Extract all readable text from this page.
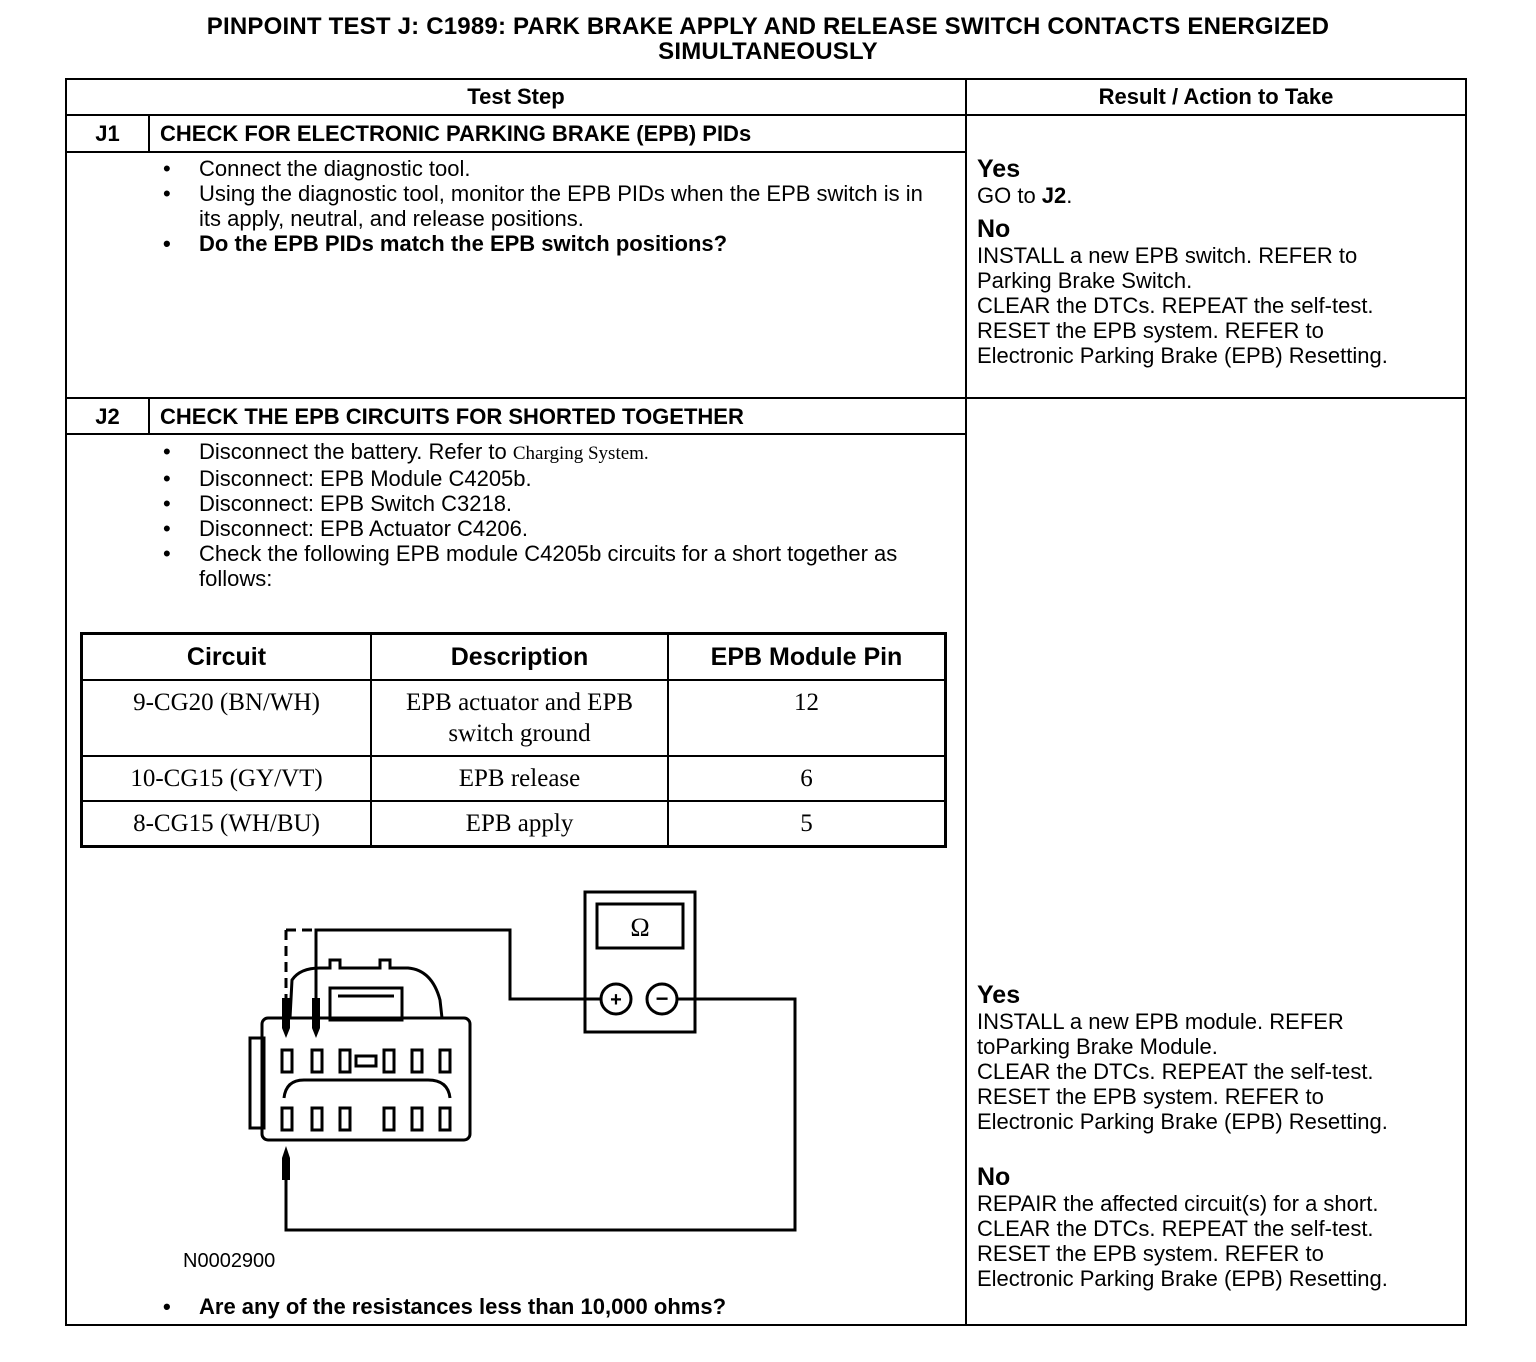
PINPOINT TEST J: C1989: PARK BRAKE APPLY AND RELEASE SWITCH CONTACTS ENERGIZED
SIMULTANEOUSLY
Test Step	Result / Action to Take
J1	CHECK FOR ELECTRONIC PARKING BRAKE (EPB) PIDs
• Connect the diagnostic tool.
• Using the diagnostic tool, monitor the EPB PIDs when the EPB switch is in its apply, neutral, and release positions.
• Do the EPB PIDs match the EPB switch positions?
Yes
GO to J2.
No
INSTALL a new EPB switch. REFER to
Parking Brake Switch.
CLEAR the DTCs. REPEAT the self-test.
RESET the EPB system. REFER to
Electronic Parking Brake (EPB) Resetting.
J2	CHECK THE EPB CIRCUITS FOR SHORTED TOGETHER
• Disconnect the battery. Refer to Charging System.
• Disconnect: EPB Module C4205b.
• Disconnect: EPB Switch C3218.
• Disconnect: EPB Actuator C4206.
• Check the following EPB module C4205b circuits for a short together as follows:
• Are any of the resistances less than 10,000 ohms?
Yes
INSTALL a new EPB module. REFER
toParking Brake Module.
CLEAR the DTCs. REPEAT the self-test.
RESET the EPB system. REFER to
Electronic Parking Brake (EPB) Resetting.
No
REPAIR the affected circuit(s) for a short.
CLEAR the DTCs. REPEAT the self-test.
RESET the EPB system. REFER to
Electronic Parking Brake (EPB) Resetting.
Circuit	Description	EPB Module Pin
9-CG20 (BN/WH)	EPB actuator and EPB switch ground	12
10-CG15 (GY/VT)	EPB release	6
8-CG15 (WH/BU)	EPB apply	5
Ω
+ −
N0002900
